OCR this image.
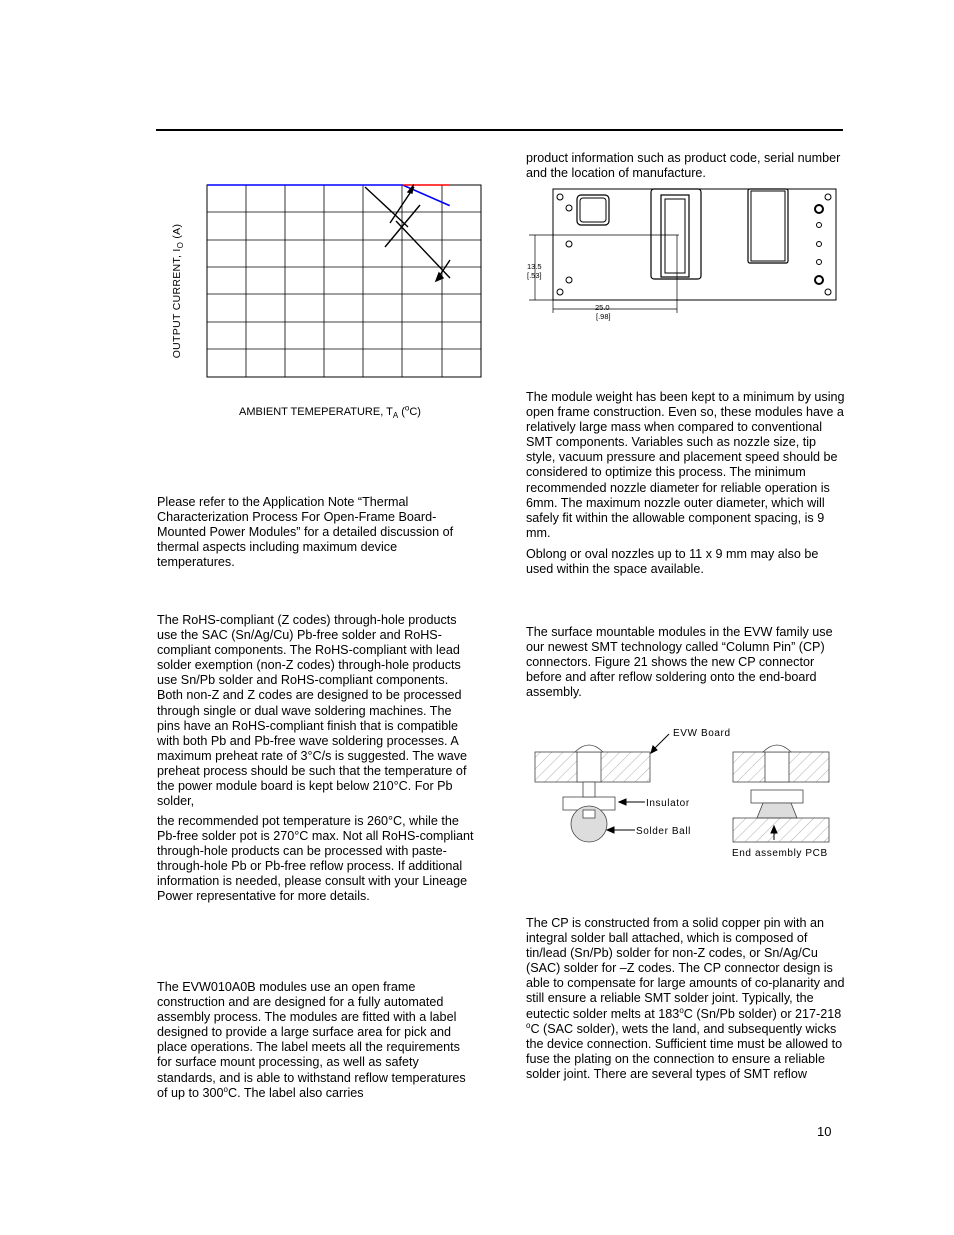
OUTPUT CURRENT, $I_O$ (A)
AMBIENT TEMEPERATURE, $T_A$ ($^o$C)

Please refer to the Application Note “Thermal Characterization Process For Open-Frame Board-Mounted Power Modules” for a detailed discussion of thermal aspects including maximum device temperatures.

The RoHS-compliant (Z codes) through-hole products use the SAC (Sn/Ag/Cu) Pb-free solder and RoHS-compliant components. The RoHS-compliant with lead solder exemption (non-Z codes) through-hole products use Sn/Pb solder and RoHS-compliant components. Both non-Z and Z codes are designed to be processed through single or dual wave soldering machines. The pins have an RoHS-compliant finish that is compatible with both Pb and Pb-free wave soldering processes. A maximum preheat rate of 3°C/s is suggested. The wave preheat process should be such that the temperature of the power module board is kept below 210°C. For Pb solder,

the recommended pot temperature is 260°C, while the Pb-free solder pot is 270°C max. Not all RoHS-compliant through-hole products can be processed with paste-through-hole Pb or Pb-free reflow process. If additional information is needed, please consult with your Lineage Power representative for more details.

The EVW010A0B modules use an open frame construction and are designed for a fully automated assembly process. The modules are fitted with a label designed to provide a large surface area for pick and place operations. The label meets all the requirements for surface mount processing, as well as safety standards, and is able to withstand reflow temperatures of up to 300$^o$C. The label also carries

product information such as product code, serial number and the location of manufacture.

13.5
[.53]
25.0
[.98]

The module weight has been kept to a minimum by using open frame construction. Even so, these modules have a relatively large mass when compared to conventional SMT components. Variables such as nozzle size, tip style, vacuum pressure and placement speed should be considered to optimize this process. The minimum recommended nozzle diameter for reliable operation is 6mm. The maximum nozzle outer diameter, which will safely fit within the allowable component spacing, is 9 mm.

Oblong or oval nozzles up to 11 x 9 mm may also be used within the space available.

The surface mountable modules in the EVW family use our newest SMT technology called “Column Pin” (CP) connectors. Figure 21 shows the new CP connector before and after reflow soldering onto the end-board assembly.

EVW Board
Insulator
Solder Ball
End assembly PCB

The CP is constructed from a solid copper pin with an integral solder ball attached, which is composed of tin/lead (Sn/Pb) solder for non-Z codes, or Sn/Ag/Cu (SAC) solder for –Z codes. The CP connector design is able to compensate for large amounts of co-planarity and still ensure a reliable SMT solder joint. Typically, the eutectic solder melts at 183$^o$C (Sn/Pb solder) or 217-218 $^o$C (SAC solder), wets the land, and subsequently wicks the device connection. Sufficient time must be allowed to fuse the plating on the connection to ensure a reliable solder joint. There are several types of SMT reflow

10
